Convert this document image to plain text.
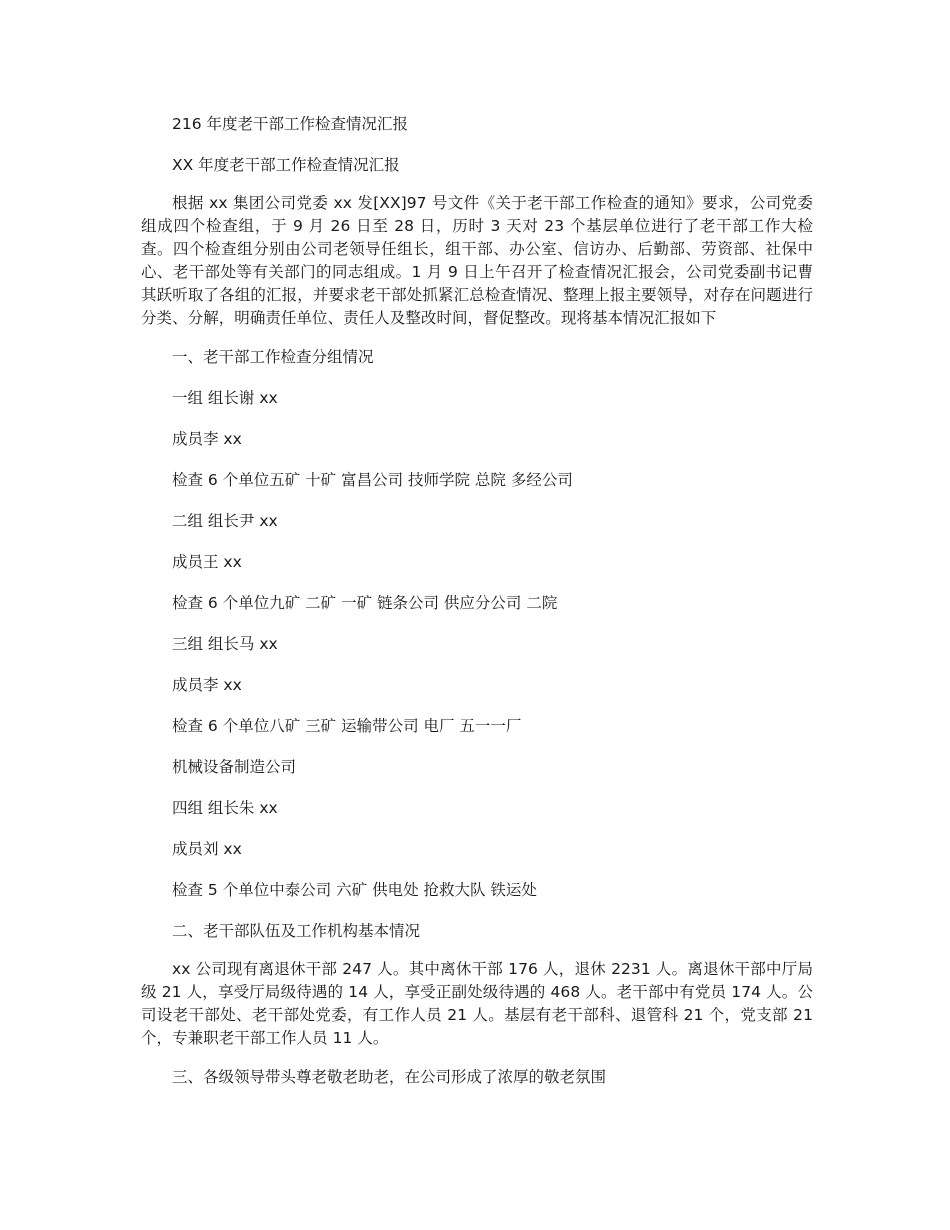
216 年度老干部工作检查情况汇报
XX 年度老干部工作检查情况汇报
根据 xx 集团公司党委 xx 发[XX]97 号文件《关于老干部工作检查的通知》要求，公司党委组成四个检查组，于 9 月 26 日至 28 日，历时 3 天对 23 个基层单位进行了老干部工作大检查。四个检查组分别由公司老领导任组长，组干部、办公室、信访办、后勤部、劳资部、社保中心、老干部处等有关部门的同志组成。1 月 9 日上午召开了检查情况汇报会，公司党委副书记曹其跃听取了各组的汇报，并要求老干部处抓紧汇总检查情况、整理上报主要领导，对存在问题进行分类、分解，明确责任单位、责任人及整改时间，督促整改。现将基本情况汇报如下
一、老干部工作检查分组情况
一组 组长谢 xx
成员李 xx
检查 6 个单位五矿 十矿 富昌公司 技师学院 总院 多经公司
二组 组长尹 xx
成员王 xx
检查 6 个单位九矿 二矿 一矿 链条公司 供应分公司 二院
三组 组长马 xx
成员李 xx
检查 6 个单位八矿 三矿 运输带公司 电厂 五一一厂
机械设备制造公司
四组 组长朱 xx
成员刘 xx
检查 5 个单位中泰公司 六矿 供电处 抢救大队 铁运处
二、老干部队伍及工作机构基本情况
xx 公司现有离退休干部 247 人。其中离休干部 176 人，退休 2231 人。离退休干部中厅局级 21 人，享受厅局级待遇的 14 人，享受正副处级待遇的 468 人。老干部中有党员 174 人。公司设老干部处、老干部处党委，有工作人员 21 人。基层有老干部科、退管科 21 个，党支部 21 个，专兼职老干部工作人员 11 人。
三、各级领导带头尊老敬老助老，在公司形成了浓厚的敬老氛围
